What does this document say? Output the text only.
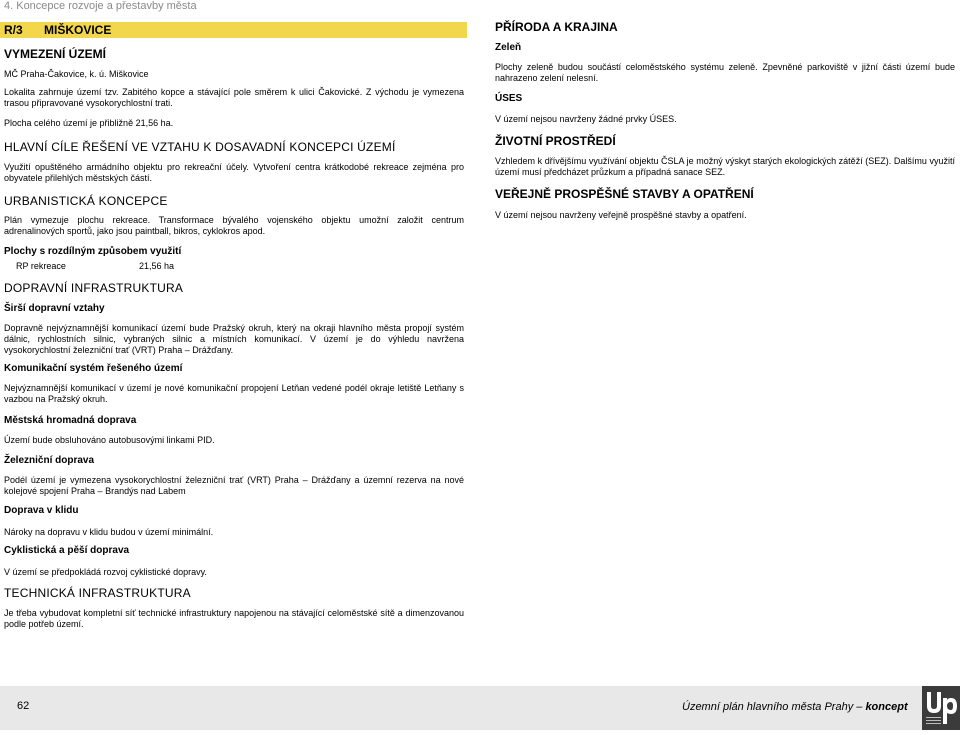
4. Koncepce rozvoje a přestavby města
R/3 MIŠKOVICE
VYMEZENÍ ÚZEMÍ
MČ Praha-Čakovice, k. ú. Miškovice
Lokalita zahrnuje území tzv. Zabitého kopce a stávající pole směrem k ulici Čakovické. Z východu je vymezena trasou připravované vysokorychlostní trati.
Plocha celého území je přibližně 21,56 ha.
HLAVNÍ CÍLE ŘEŠENÍ VE VZTAHU K DOSAVADNÍ KONCEPCI ÚZEMÍ
Využití opuštěného armádního objektu pro rekreační účely. Vytvoření centra krátkodobé rekreace zejména pro obyvatele přilehlých městských částí.
URBANISTICKÁ KONCEPCE
Plán vymezuje plochu rekreace. Transformace bývalého vojenského objektu umožní založit centrum adrenalinových sportů, jako jsou paintball, bikros, cyklokros apod.
Plochy s rozdílným způsobem využití
RP rekreace	21,56 ha
DOPRAVNÍ INFRASTRUKTURA
Širší dopravní vztahy
Dopravně nejvýznamnější komunikací území bude Pražský okruh, který na okraji hlavního města propojí systém dálnic, rychlostních silnic, vybraných silnic a místních komunikací. V území je do výhledu navržena vysokorychlostní železniční trať (VRT) Praha – Drážďany.
Komunikační systém řešeného území
Nejvýznamnější komunikací v území je nové komunikační propojení Letňan vedené podél okraje letiště Letňany s vazbou na Pražský okruh.
Městská hromadná doprava
Území bude obsluhováno autobusovými linkami PID.
Železniční doprava
Podél území je vymezena vysokorychlostní železniční trať (VRT) Praha – Drážďany a územní rezerva na nové kolejové spojení Praha – Brandýs nad Labem
Doprava v klidu
Nároky na dopravu v klidu budou v území minimální.
Cyklistická a pěší doprava
V území se předpokládá rozvoj cyklistické dopravy.
TECHNICKÁ INFRASTRUKTURA
Je třeba vybudovat kompletní síť technické infrastruktury napojenou na stávající celoměstské sítě a dimenzovanou podle potřeb území.
PŘÍRODA A KRAJINA
Zeleň
Plochy zeleně budou součástí celoměstského systému zeleně. Zpevněné parkoviště v jižní části území bude nahrazeno zelení nelesní.
ÚSES
V území nejsou navrženy žádné prvky ÚSES.
ŽIVOTNÍ PROSTŘEDÍ
Vzhledem k dřívějšímu využívání objektu ČSLA je možný výskyt starých ekologických zátěží (SEZ). Dalšímu využití území musí předcházet průzkum a případná sanace SEZ.
VEŘEJNĚ PROSPĚŠNÉ STAVBY A OPATŘENÍ
V území nejsou navrženy veřejně prospěšné stavby a opatření.
62	Územní plán hlavního města Prahy – koncept
